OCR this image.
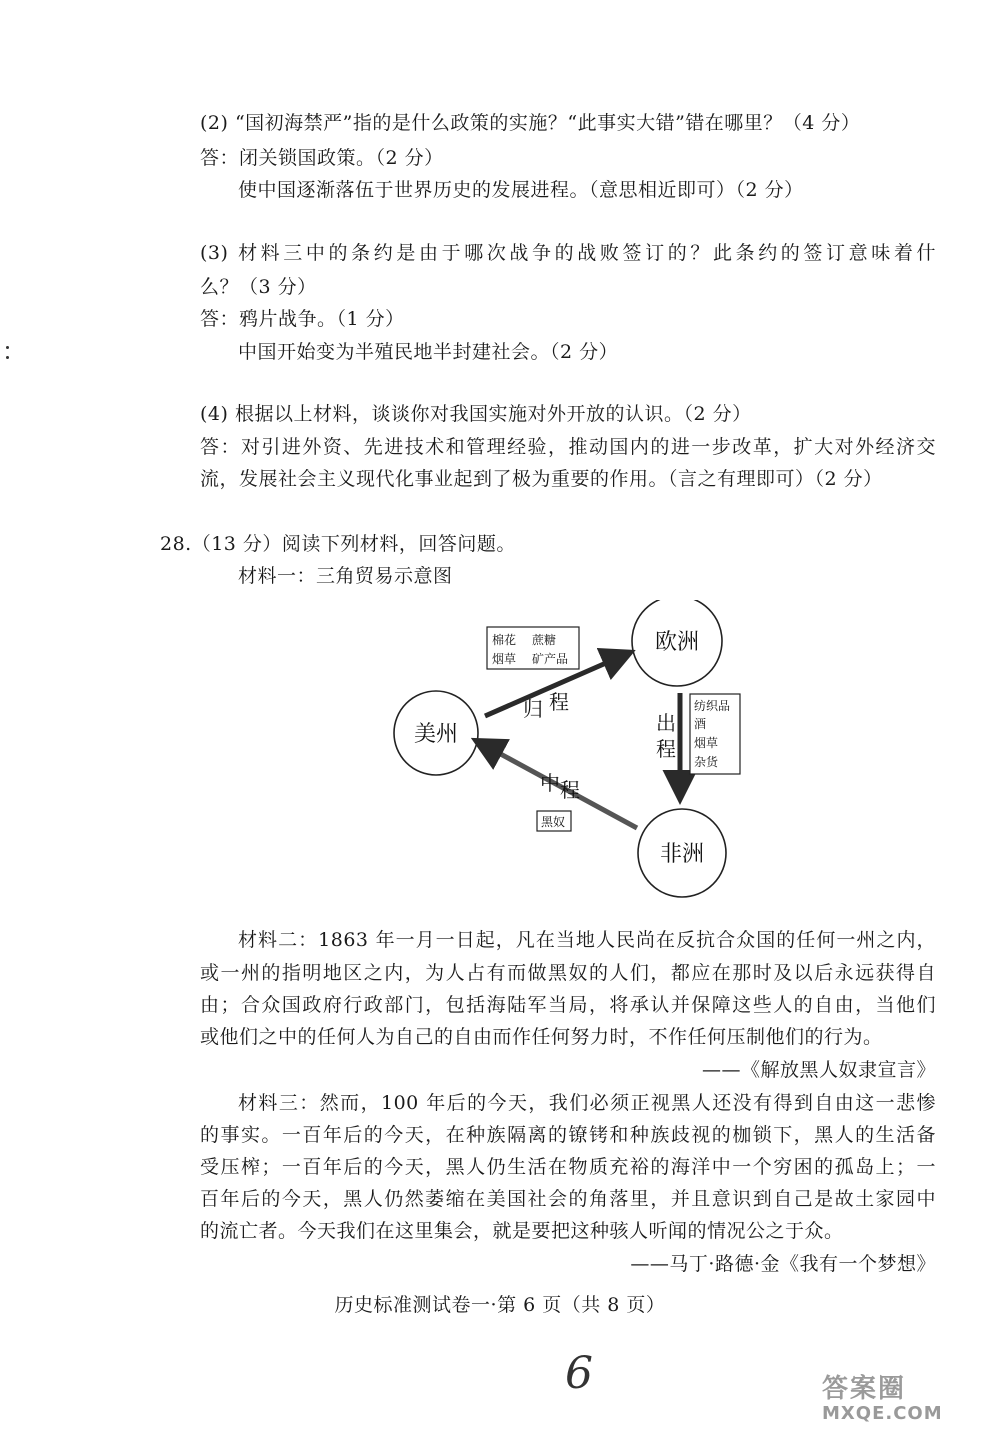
(2) “国初海禁严”指的是什么政策的实施？“此事实大错”错在哪里？（4 分）
答：闭关锁国政策。（2 分）
使中国逐渐落伍于世界历史的发展进程。（意思相近即可）（2 分）
(3) 材料三中的条约是由于哪次战争的战败签订的？此条约的签订意味着什
么？（3 分）
答：鸦片战争。（1 分）
中国开始变为半殖民地半封建社会。（2 分）
(4) 根据以上材料，谈谈你对我国实施对外开放的认识。（2 分）
答：对引进外资、先进技术和管理经验，推动国内的进一步改革，扩大对外经济交
流，发展社会主义现代化事业起到了极为重要的作用。（言之有理即可）（2 分）
28.（13 分）阅读下列材料，回答问题。
材料一：三角贸易示意图
欧洲
美州
非洲
归 程
出
程
中 程
棉花 蔗糖
烟草 矿产品
纺织品
酒
烟草
杂货
黑奴
材料二：1863 年一月一日起，凡在当地人民尚在反抗合众国的任何一州之内，
或一州的指明地区之内，为人占有而做黑奴的人们，都应在那时及以后永远获得自
由；合众国政府行政部门，包括海陆军当局，将承认并保障这些人的自由，当他们
或他们之中的任何人为自己的自由而作任何努力时，不作任何压制他们的行为。
——《解放黑人奴隶宣言》
材料三：然而，100 年后的今天，我们必须正视黑人还没有得到自由这一悲惨
的事实。一百年后的今天，在种族隔离的镣铐和种族歧视的枷锁下，黑人的生活备
受压榨；一百年后的今天，黑人仍生活在物质充裕的海洋中一个穷困的孤岛上；一
百年后的今天，黑人仍然萎缩在美国社会的角落里，并且意识到自己是故土家园中
的流亡者。今天我们在这里集会，就是要把这种骇人听闻的情况公之于众。
——马丁·路德·金《我有一个梦想》
历史标准测试卷一·第 6 页（共 8 页）
6	答案圈
MXQE.COM
